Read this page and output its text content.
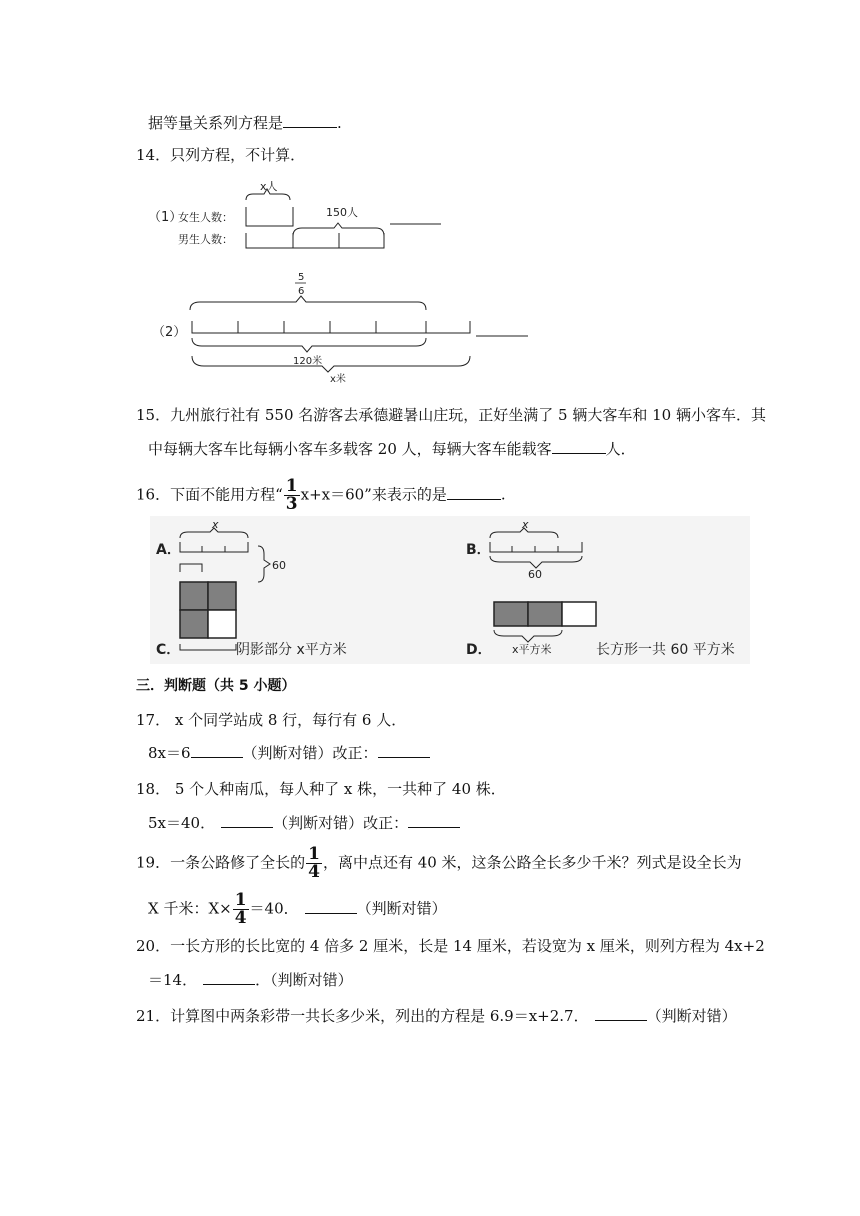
据等量关系列方程是	.
14．只列方程，不计算．
（1）
女生人数：
男生人数：
x人
150人
5
6
（2）
120米
x米
15．九州旅行社有 550 名游客去承德避暑山庄玩，正好坐满了 5 辆大客车和 10 辆小客车．其
中每辆大客车比每辆小客车多载客 20 人，每辆大客车能载客	人．
16．下面不能用方程“ $\frac{1}{3} x+x=60$”来表示的是	.
A．
x
60
C．	阴影部分 x平方米
B．
x
60
x平方米
D．	长方形一共 60 平方米
三．判断题（共 5 小题）
17． x 个同学站成 8 行，每行有 6 人．
8x＝6	（判断对错）改正：
18． 5 个人种南瓜，每人种了 x 株，一共种了 40 株．
5x＝40．	（判断对错）改正：
19．一条公路修了全长的 $\frac{1}{4}$ ，离中点还有 40 米，这条公路全长多少千米？列式是设全长为
X 千米：$X\times \frac{1}{4} =40$．	（判断对错）
20．一长方形的长比宽的 4 倍多 2 厘米，长是 14 厘米，若设宽为 x 厘米，则列方程为 4x+2
＝14．	．（判断对错）
21．计算图中两条彩带一共长多少米，列出的方程是 6.9＝x+2.7．	（判断对错）
